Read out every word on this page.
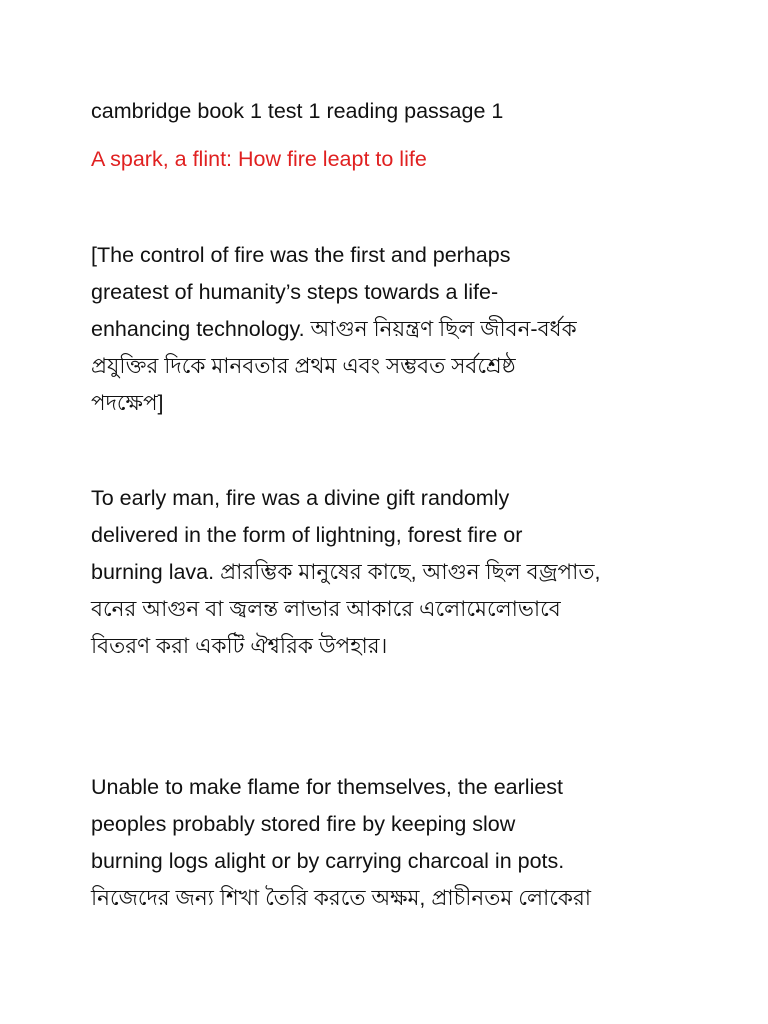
cambridge book 1 test 1 reading passage 1
A spark, a flint: How fire leapt to life
[The control of fire was the first and perhaps
greatest of humanity’s steps towards a life-
enhancing technology. আগুন নিয়ন্ত্রণ ছিল জীবন-বর্ধক
প্রযুক্তির দিকে মানবতার প্রথম এবং সম্ভবত সর্বশ্রেষ্ঠ
পদক্ষেপ]
To early man, fire was a divine gift randomly
delivered in the form of lightning, forest fire or
burning lava. প্রারম্ভিক মানুষের কাছে, আগুন ছিল বজ্রপাত,
বনের আগুন বা জ্বলন্ত লাভার আকারে এলোমেলোভাবে
বিতরণ করা একটি ঐশ্বরিক উপহার।
Unable to make flame for themselves, the earliest
peoples probably stored fire by keeping slow
burning logs alight or by carrying charcoal in pots.
নিজেদের জন্য শিখা তৈরি করতে অক্ষম, প্রাচীনতম লোকেরা
